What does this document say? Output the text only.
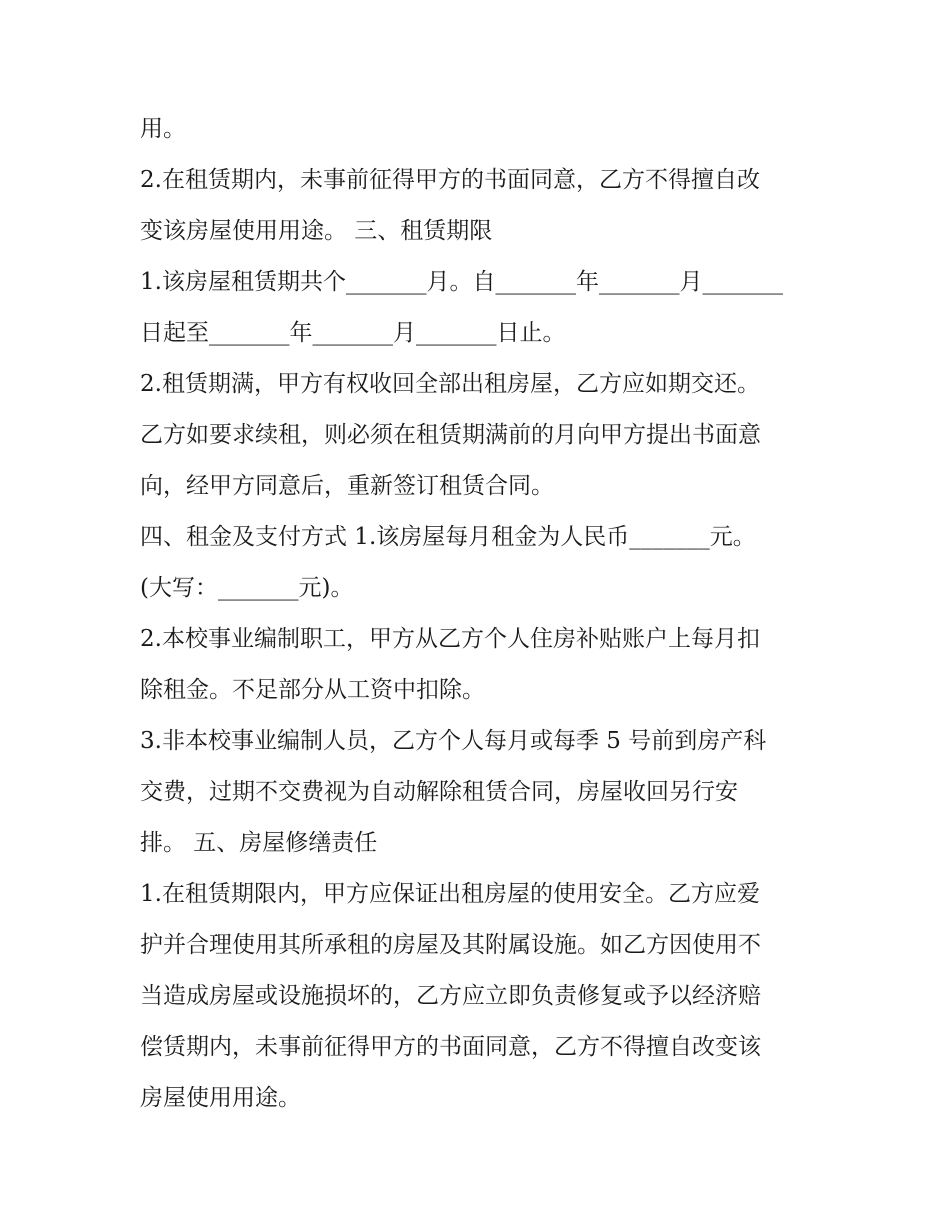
用。
2.在租赁期内，未事前征得甲方的书面同意，乙方不得擅自改
变该房屋使用用途。 三、租赁期限
1.该房屋租赁期共个_______月。自_______年_______月_______
日起至_______年_______月_______日止。
2.租赁期满，甲方有权收回全部出租房屋，乙方应如期交还。
乙方如要求续租，则必须在租赁期满前的月向甲方提出书面意
向，经甲方同意后，重新签订租赁合同。
四、租金及支付方式 1.该房屋每月租金为人民币_______元。
(大写：_______元)。
2.本校事业编制职工，甲方从乙方个人住房补贴账户上每月扣
除租金。不足部分从工资中扣除。
3.非本校事业编制人员，乙方个人每月或每季 5 号前到房产科
交费，过期不交费视为自动解除租赁合同，房屋收回另行安
排。 五、房屋修缮责任
1.在租赁期限内，甲方应保证出租房屋的使用安全。乙方应爱
护并合理使用其所承租的房屋及其附属设施。如乙方因使用不
当造成房屋或设施损坏的，乙方应立即负责修复或予以经济赔
偿赁期内，未事前征得甲方的书面同意，乙方不得擅自改变该
房屋使用用途。
